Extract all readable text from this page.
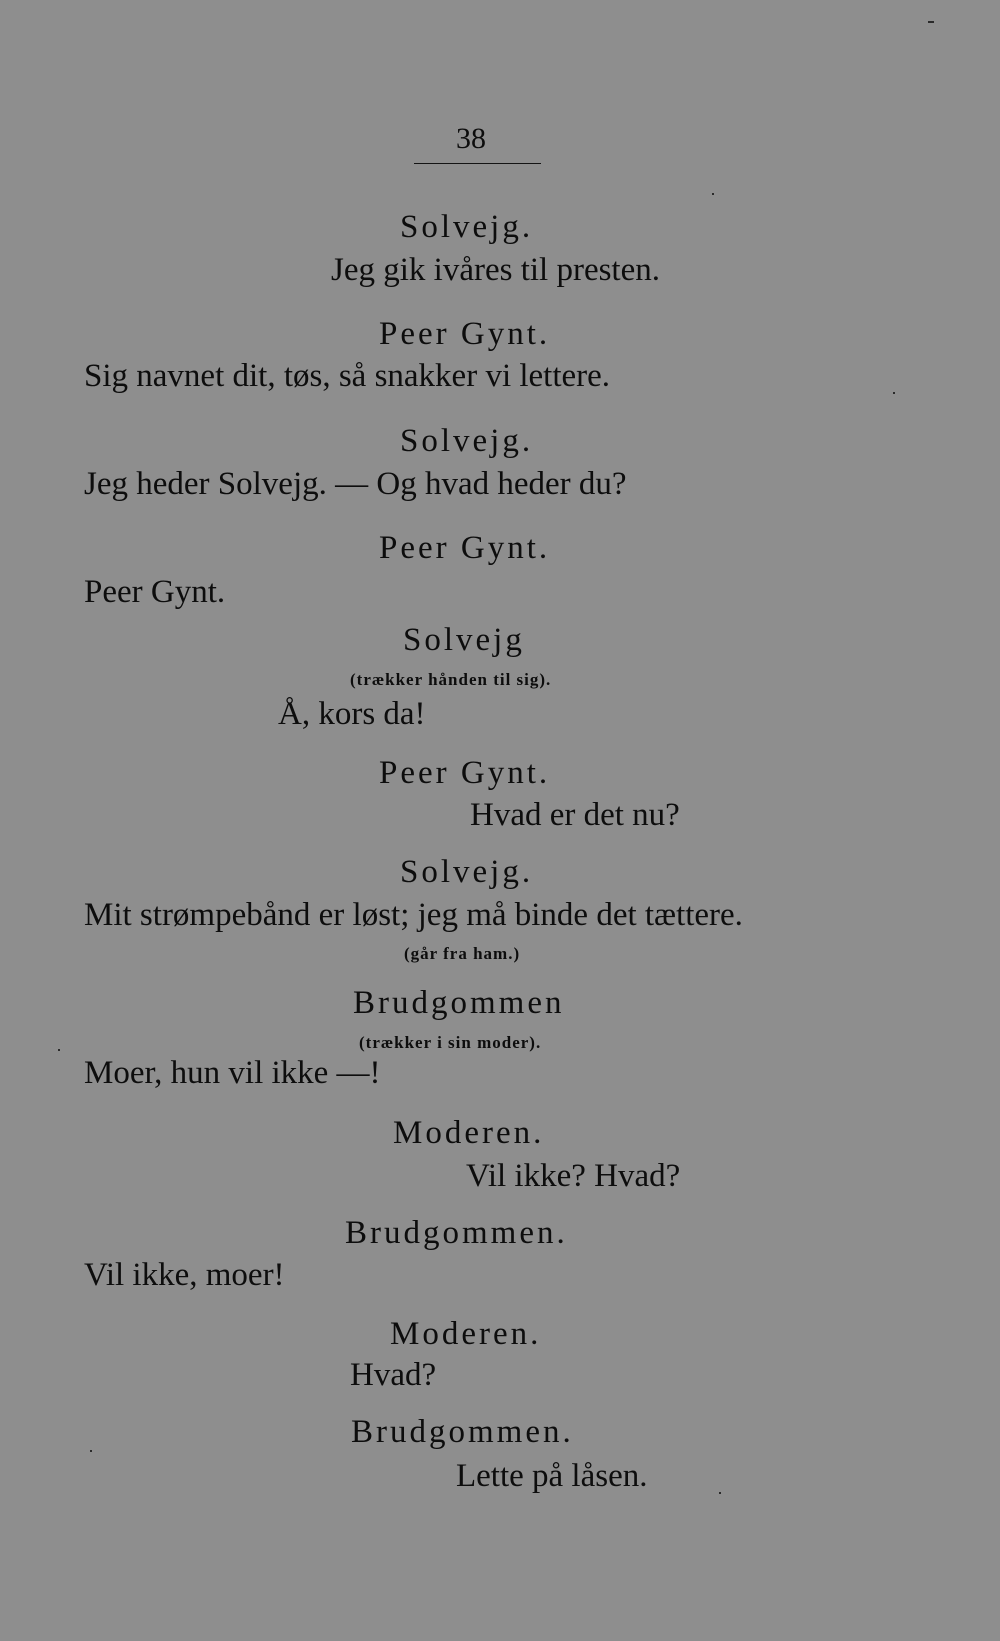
38
Solvejg.
Jeg gik ivåres til presten.
Peer Gynt.
Sig navnet dit, tøs, så snakker vi lettere.
Solvejg.
Jeg heder Solvejg. — Og hvad heder du?
Peer Gynt.
Peer Gynt.
Solvejg
(trækker hånden til sig).
Å, kors da!
Peer Gynt.
Hvad er det nu?
Solvejg.
Mit strømpebånd er løst; jeg må binde det tættere.
(går fra ham.)
Brudgommen
(trækker i sin moder).
Moer, hun vil ikke —!
Moderen.
Vil ikke? Hvad?
Brudgommen.
Vil ikke, moer!
Moderen.
Hvad?
Brudgommen.
Lette på låsen.
